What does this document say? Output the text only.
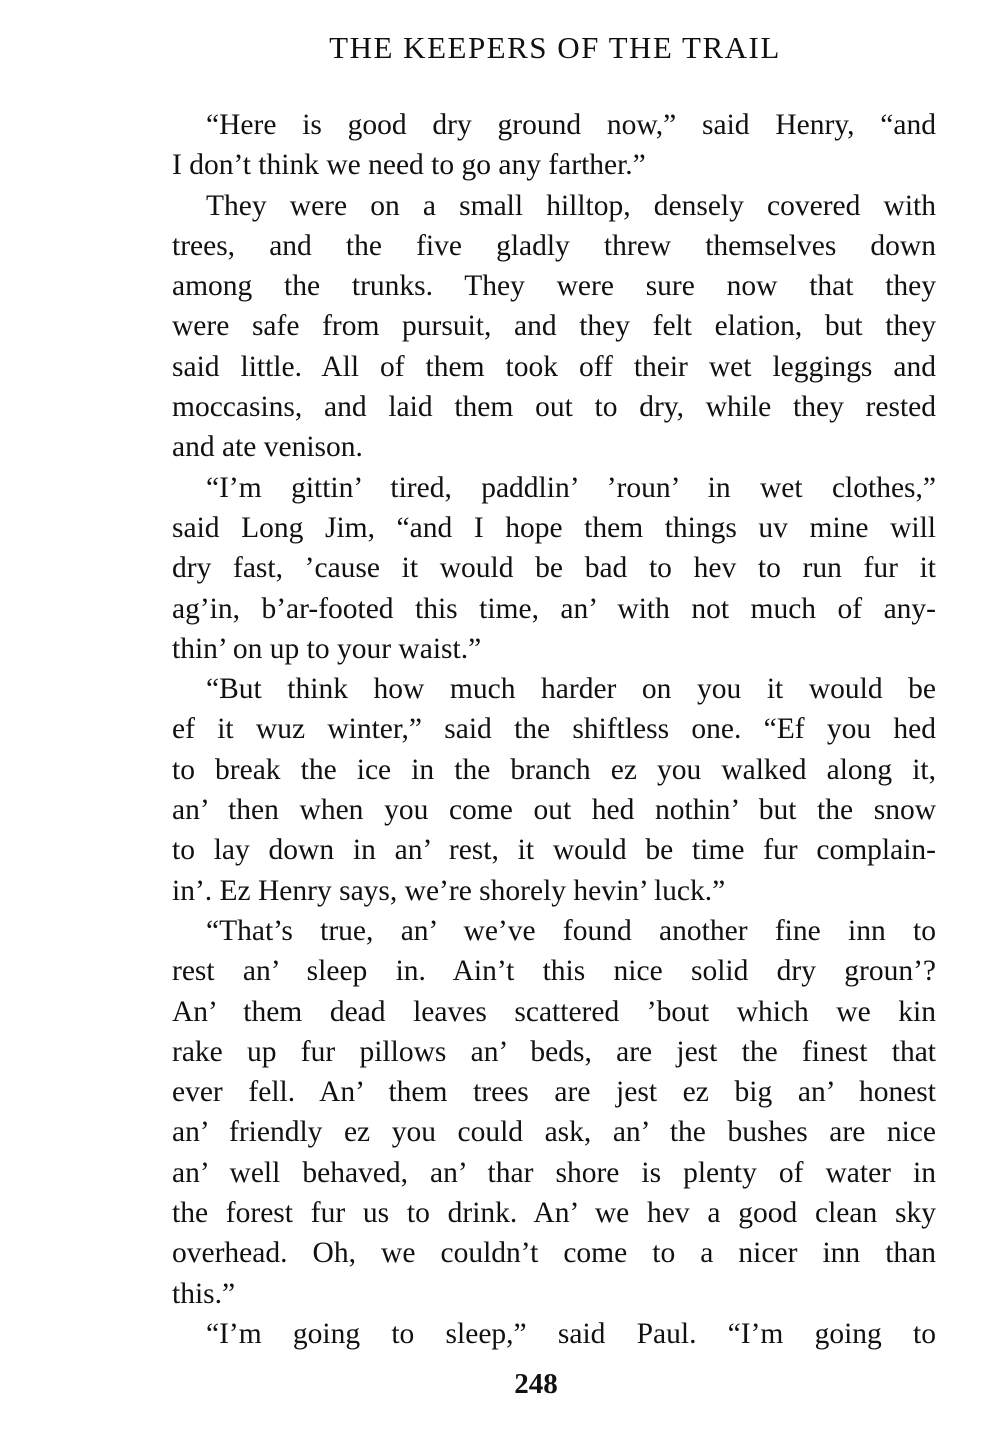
THE KEEPERS OF THE TRAIL

“Here is good dry ground now,” said Henry, “and
I don’t think we need to go any farther.”

They were on a small hilltop, densely covered with
trees, and the five gladly threw themselves down
among the trunks. They were sure now that they
were safe from pursuit, and they felt elation, but they
said little. All of them took off their wet leggings and
moccasins, and laid them out to dry, while they rested
and ate venison.

“I’m gittin’ tired, paddlin’ ’roun’ in wet clothes,”
said Long Jim, “and I hope them things uv mine will
dry fast, ’cause it would be bad to hev to run fur it
ag’in, b’ar-footed this time, an’ with not much of any-
thin’ on up to your waist.”

“But think how much harder on you it would be
ef it wuz winter,” said the shiftless one. “Ef you hed
to break the ice in the branch ez you walked along it,
an’ then when you come out hed nothin’ but the snow
to lay down in an’ rest, it would be time fur complain-
in’. Ez Henry says, we’re shorely hevin’ luck.”

“That’s true, an’ we’ve found another fine inn to
rest an’ sleep in. Ain’t this nice solid dry groun’?
An’ them dead leaves scattered ’bout which we kin
rake up fur pillows an’ beds, are jest the finest that
ever fell. An’ them trees are jest ez big an’ honest
an’ friendly ez you could ask, an’ the bushes are nice
an’ well behaved, an’ thar shore is plenty of water in
the forest fur us to drink. An’ we hev a good clean sky
overhead. Oh, we couldn’t come to a nicer inn than
this.”

“I’m going to sleep,” said Paul. “I’m going to

248
